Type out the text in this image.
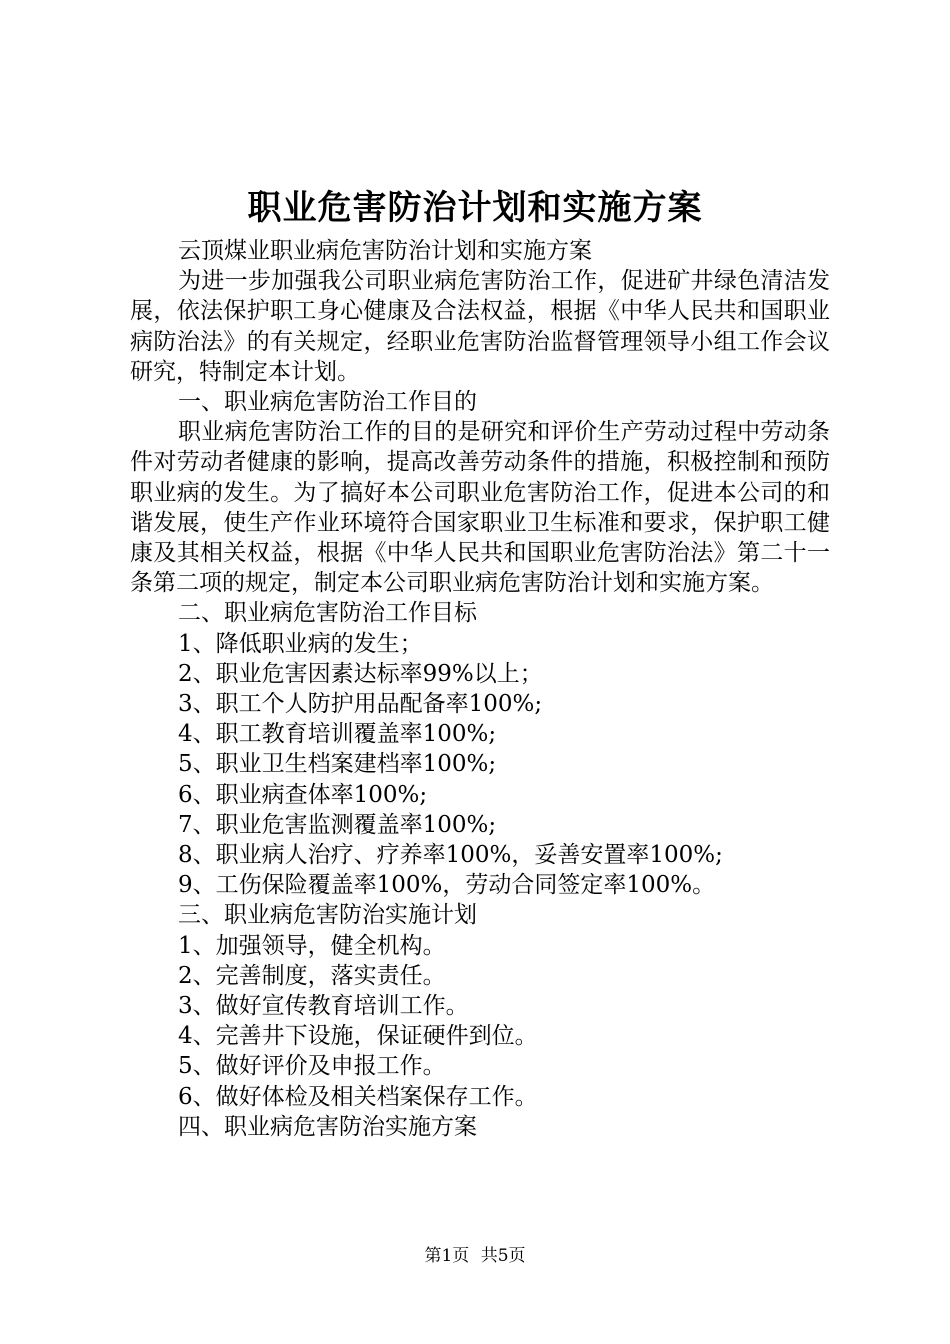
职业危害防治计划和实施方案

云顶煤业职业病危害防治计划和实施方案

为进一步加强我公司职业病危害防治工作，促进矿井绿色清洁发展，依法保护职工身心健康及合法权益，根据《中华人民共和国职业病防治法》的有关规定，经职业危害防治监督管理领导小组工作会议研究，特制定本计划。

一、职业病危害防治工作目的

职业病危害防治工作的目的是研究和评价生产劳动过程中劳动条件对劳动者健康的影响，提高改善劳动条件的措施，积极控制和预防职业病的发生。为了搞好本公司职业危害防治工作，促进本公司的和谐发展，使生产作业环境符合国家职业卫生标准和要求，保护职工健康及其相关权益，根据《中华人民共和国职业危害防治法》第二十一条第二项的规定，制定本公司职业病危害防治计划和实施方案。

二、职业病危害防治工作目标

1、降低职业病的发生；

2、职业危害因素达标率99%以上；

3、职工个人防护用品配备率100%;

4、职工教育培训覆盖率100%;

5、职业卫生档案建档率100%;

6、职业病查体率100%;

7、职业危害监测覆盖率100%;

8、职业病人治疗、疗养率100%，妥善安置率100%;

9、工伤保险覆盖率100%，劳动合同签定率100%。

三、职业病危害防治实施计划

1、加强领导，健全机构。

2、完善制度，落实责任。

3、做好宣传教育培训工作。

4、完善井下设施，保证硬件到位。

5、做好评价及申报工作。

6、做好体检及相关档案保存工作。

四、职业病危害防治实施方案

第1页 共5页
